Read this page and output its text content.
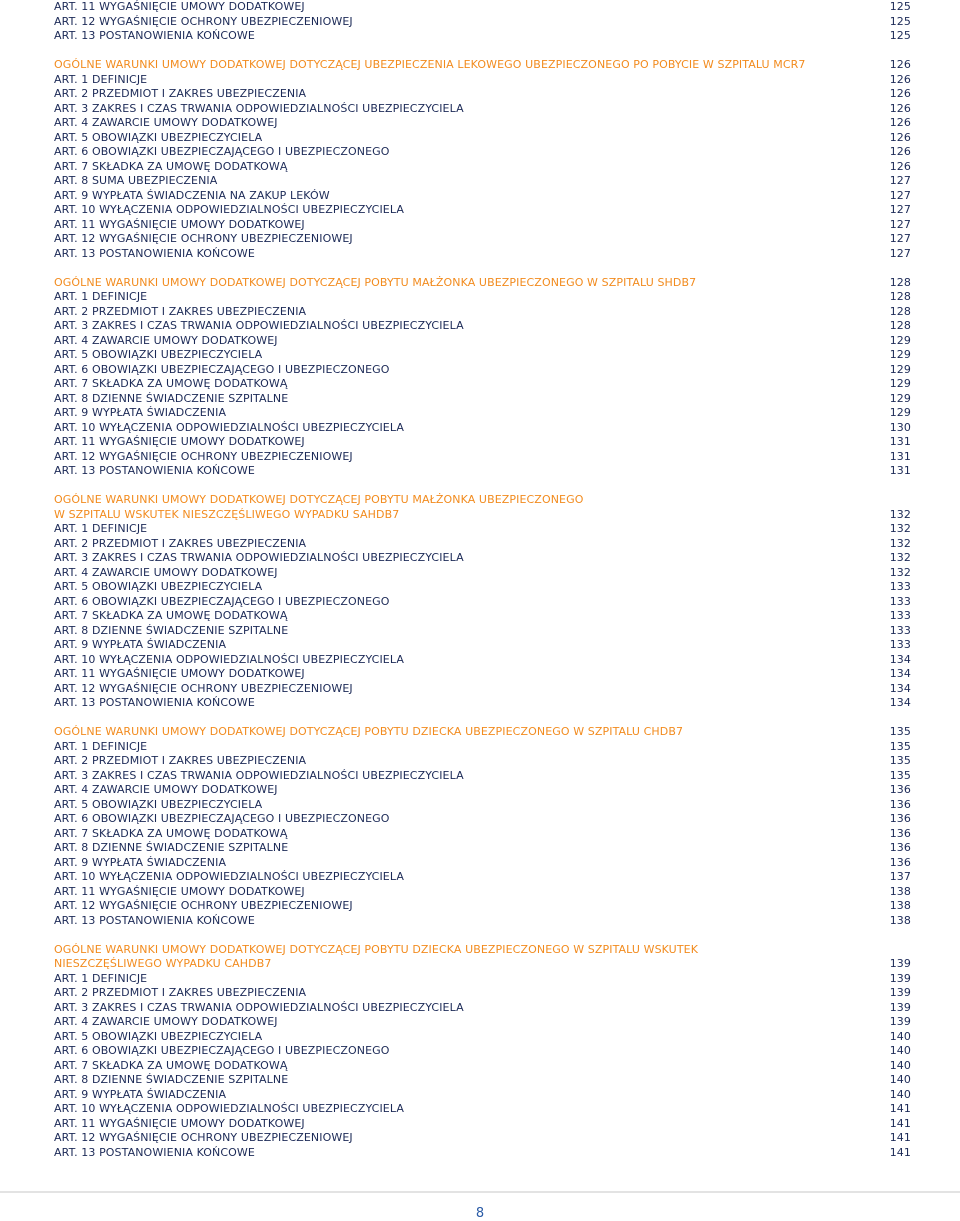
ART. 11 WYGAŚNIĘCIE UMOWY DODATKOWEJ	125
ART. 12 WYGAŚNIĘCIE OCHRONY UBEZPIECZENIOWEJ	125
ART. 13 POSTANOWIENIA KOŃCOWE	125
OGÓLNE WARUNKI UMOWY DODATKOWEJ DOTYCZĄCEJ UBEZPIECZENIA LEKOWEGO UBEZPIECZONEGO PO POBYCIE W SZPITALU MCR7	126
ART. 1 DEFINICJE	126
ART. 2 PRZEDMIOT I ZAKRES UBEZPIECZENIA	126
ART. 3 ZAKRES I CZAS TRWANIA ODPOWIEDZIALNOŚCI UBEZPIECZYCIELA	126
ART. 4 ZAWARCIE UMOWY DODATKOWEJ	126
ART. 5 OBOWIĄZKI UBEZPIECZYCIELA	126
ART. 6 OBOWIĄZKI UBEZPIECZAJĄCEGO I UBEZPIECZONEGO	126
ART. 7 SKŁADKA ZA UMOWĘ DODATKOWĄ	126
ART. 8 SUMA UBEZPIECZENIA	127
ART. 9 WYPŁATA ŚWIADCZENIA NA ZAKUP LEKÓW	127
ART. 10 WYŁĄCZENIA ODPOWIEDZIALNOŚCI UBEZPIECZYCIELA	127
ART. 11 WYGAŚNIĘCIE UMOWY DODATKOWEJ	127
ART. 12 WYGAŚNIĘCIE OCHRONY UBEZPIECZENIOWEJ	127
ART. 13 POSTANOWIENIA KOŃCOWE	127
OGÓLNE WARUNKI UMOWY DODATKOWEJ DOTYCZĄCEJ POBYTU MAŁŻONKA UBEZPIECZONEGO W SZPITALU SHDB7	128
ART. 1 DEFINICJE	128
ART. 2 PRZEDMIOT I ZAKRES UBEZPIECZENIA	128
ART. 3 ZAKRES I CZAS TRWANIA ODPOWIEDZIALNOŚCI UBEZPIECZYCIELA	128
ART. 4 ZAWARCIE UMOWY DODATKOWEJ	129
ART. 5 OBOWIĄZKI UBEZPIECZYCIELA	129
ART. 6 OBOWIĄZKI UBEZPIECZAJĄCEGO I UBEZPIECZONEGO	129
ART. 7 SKŁADKA ZA UMOWĘ DODATKOWĄ	129
ART. 8 DZIENNE ŚWIADCZENIE SZPITALNE	129
ART. 9 WYPŁATA ŚWIADCZENIA	129
ART. 10 WYŁĄCZENIA ODPOWIEDZIALNOŚCI UBEZPIECZYCIELA	130
ART. 11 WYGAŚNIĘCIE UMOWY DODATKOWEJ	131
ART. 12 WYGAŚNIĘCIE OCHRONY UBEZPIECZENIOWEJ	131
ART. 13 POSTANOWIENIA KOŃCOWE	131
OGÓLNE WARUNKI UMOWY DODATKOWEJ DOTYCZĄCEJ POBYTU MAŁŻONKA UBEZPIECZONEGO
W SZPITALU WSKUTEK NIESZCZĘŚLIWEGO WYPADKU SAHDB7	132
ART. 1 DEFINICJE	132
ART. 2 PRZEDMIOT I ZAKRES UBEZPIECZENIA	132
ART. 3 ZAKRES I CZAS TRWANIA ODPOWIEDZIALNOŚCI UBEZPIECZYCIELA	132
ART. 4 ZAWARCIE UMOWY DODATKOWEJ	132
ART. 5 OBOWIĄZKI UBEZPIECZYCIELA	133
ART. 6 OBOWIĄZKI UBEZPIECZAJĄCEGO I UBEZPIECZONEGO	133
ART. 7 SKŁADKA ZA UMOWĘ DODATKOWĄ	133
ART. 8 DZIENNE ŚWIADCZENIE SZPITALNE	133
ART. 9 WYPŁATA ŚWIADCZENIA	133
ART. 10 WYŁĄCZENIA ODPOWIEDZIALNOŚCI UBEZPIECZYCIELA	134
ART. 11 WYGAŚNIĘCIE UMOWY DODATKOWEJ	134
ART. 12 WYGAŚNIĘCIE OCHRONY UBEZPIECZENIOWEJ	134
ART. 13 POSTANOWIENIA KOŃCOWE	134
OGÓLNE WARUNKI UMOWY DODATKOWEJ DOTYCZĄCEJ POBYTU DZIECKA UBEZPIECZONEGO W SZPITALU CHDB7	135
ART. 1 DEFINICJE	135
ART. 2 PRZEDMIOT I ZAKRES UBEZPIECZENIA	135
ART. 3 ZAKRES I CZAS TRWANIA ODPOWIEDZIALNOŚCI UBEZPIECZYCIELA	135
ART. 4 ZAWARCIE UMOWY DODATKOWEJ	136
ART. 5 OBOWIĄZKI UBEZPIECZYCIELA	136
ART. 6 OBOWIĄZKI UBEZPIECZAJĄCEGO I UBEZPIECZONEGO	136
ART. 7 SKŁADKA ZA UMOWĘ DODATKOWĄ	136
ART. 8 DZIENNE ŚWIADCZENIE SZPITALNE	136
ART. 9 WYPŁATA ŚWIADCZENIA	136
ART. 10 WYŁĄCZENIA ODPOWIEDZIALNOŚCI UBEZPIECZYCIELA	137
ART. 11 WYGAŚNIĘCIE UMOWY DODATKOWEJ	138
ART. 12 WYGAŚNIĘCIE OCHRONY UBEZPIECZENIOWEJ	138
ART. 13 POSTANOWIENIA KOŃCOWE	138
OGÓLNE WARUNKI UMOWY DODATKOWEJ DOTYCZĄCEJ POBYTU DZIECKA UBEZPIECZONEGO W SZPITALU WSKUTEK
NIESZCZĘŚLIWEGO WYPADKU CAHDB7	139
ART. 1 DEFINICJE	139
ART. 2 PRZEDMIOT I ZAKRES UBEZPIECZENIA	139
ART. 3 ZAKRES I CZAS TRWANIA ODPOWIEDZIALNOŚCI UBEZPIECZYCIELA	139
ART. 4 ZAWARCIE UMOWY DODATKOWEJ	139
ART. 5 OBOWIĄZKI UBEZPIECZYCIELA	140
ART. 6 OBOWIĄZKI UBEZPIECZAJĄCEGO I UBEZPIECZONEGO	140
ART. 7 SKŁADKA ZA UMOWĘ DODATKOWĄ	140
ART. 8 DZIENNE ŚWIADCZENIE SZPITALNE	140
ART. 9 WYPŁATA ŚWIADCZENIA	140
ART. 10 WYŁĄCZENIA ODPOWIEDZIALNOŚCI UBEZPIECZYCIELA	141
ART. 11 WYGAŚNIĘCIE UMOWY DODATKOWEJ	141
ART. 12 WYGAŚNIĘCIE OCHRONY UBEZPIECZENIOWEJ	141
ART. 13 POSTANOWIENIA KOŃCOWE	141
8
